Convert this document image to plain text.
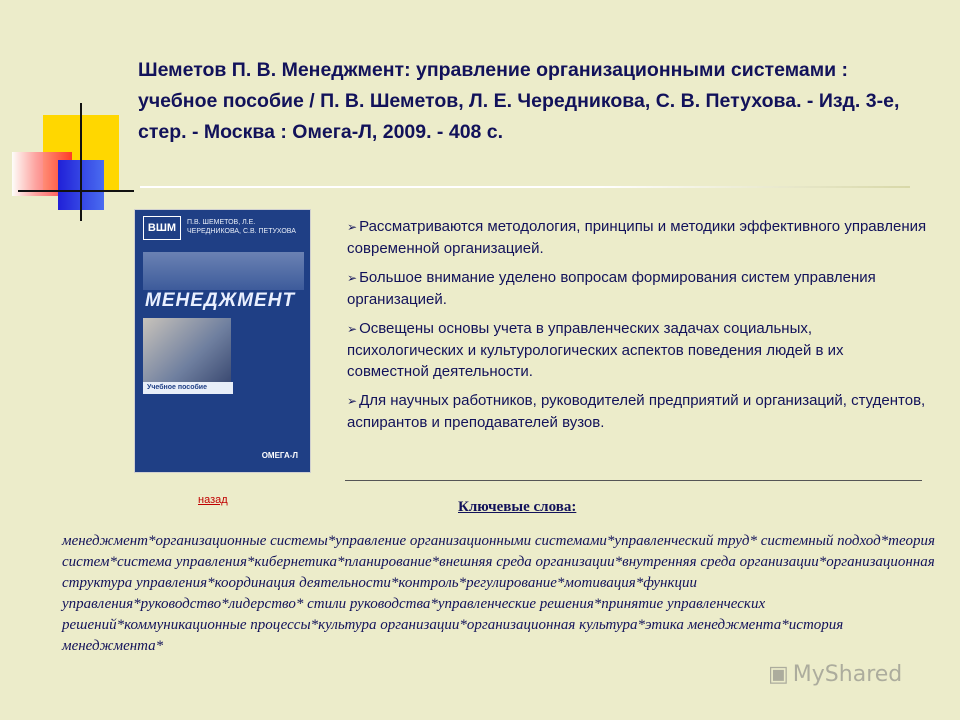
Шеметов П. В. Менеджмент: управление организационными системами : учебное пособие / П. В. Шеметов, Л. Е. Чередникова, С. В. Петухова. - Изд. 3-е, стер. - Москва : Омега-Л, 2009. - 408 с.
ВШМ	П.В. ШЕМЕТОВ, Л.Е. ЧЕРЕДНИКОВА, С.В. ПЕТУХОВА
МЕНЕДЖМЕНТ
Учебное пособие
ОМЕГА-Л
➢ Рассматриваются методология, принципы и методики эффективного управления современной организацией.
➢ Большое внимание уделено вопросам формирования систем управления организацией.
➢ Освещены основы учета в управленческих задачах социальных, психологических и культурологических аспектов поведения людей в их совместной деятельности.
➢ Для научных работников, руководителей предприятий и организаций, студентов, аспирантов и преподавателей вузов.
назад	Ключевые слова:
менеджмент*организационные системы*управление организационными системами*управленческий труд* системный подход*теория систем*система управления*кибернетика*планирование*внешняя среда организации*внутренняя среда организации*организационная структура управления*координация деятельности*контроль*регулирование*мотивация*функции управления*руководство*лидерство* стили руководства*управленческие решения*принятие управленческих решений*коммуникационные процессы*культура организации*организационная культура*этика менеджмента*история менеджмента*
▣ MyShared
